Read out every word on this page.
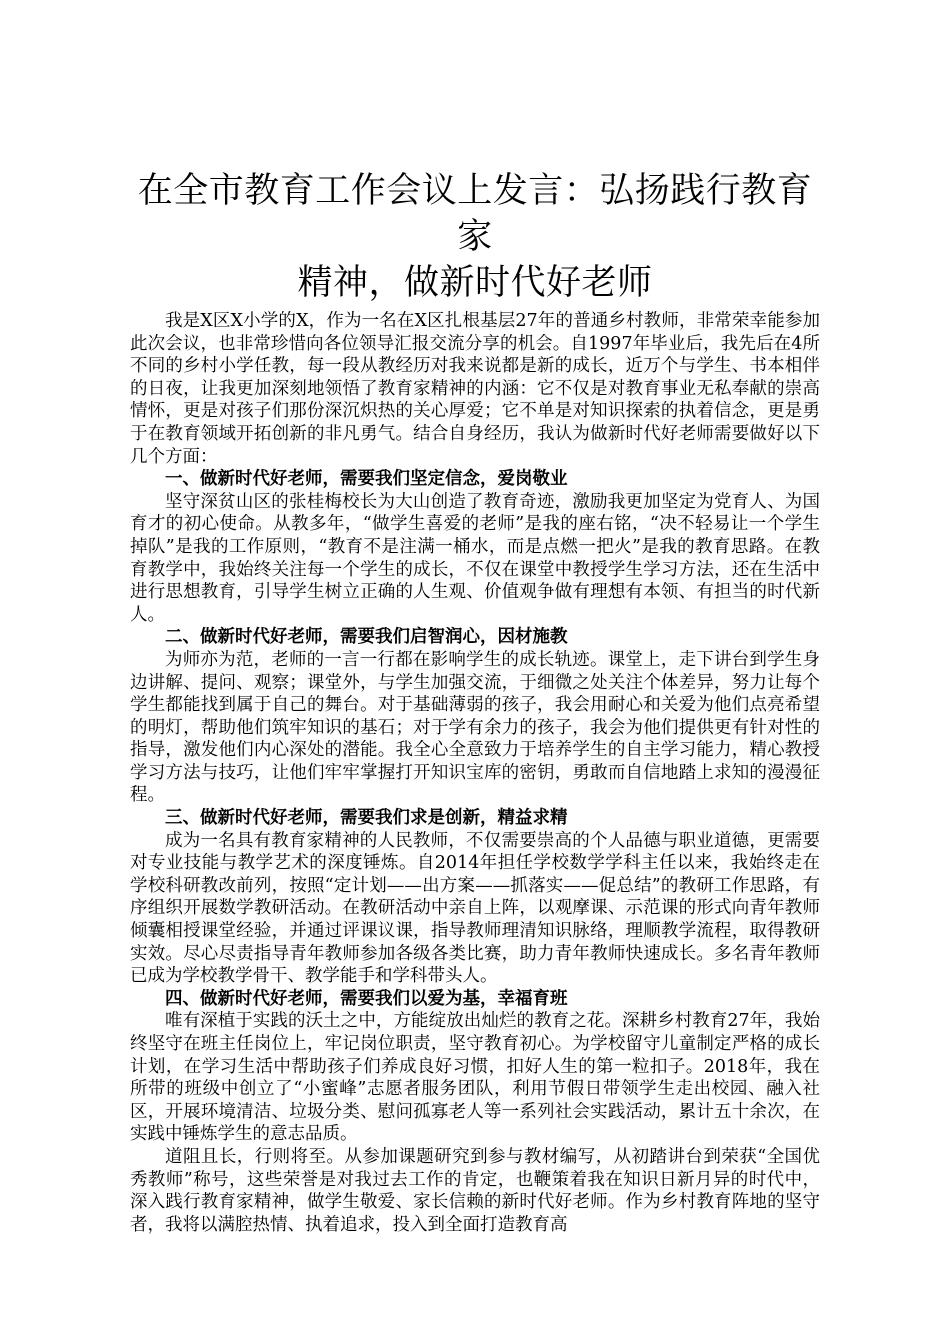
在全市教育工作会议上发言：弘扬践行教育家
精神，做新时代好老师

我是X区X小学的X，作为一名在X区扎根基层27年的普通乡村教师，非常荣幸能参加此次会议，也非常珍惜向各位领导汇报交流分享的机会。自1997年毕业后，我先后在4所不同的乡村小学任教，每一段从教经历对我来说都是新的成长，近万个与学生、书本相伴的日夜，让我更加深刻地领悟了教育家精神的内涵：它不仅是对教育事业无私奉献的崇高情怀，更是对孩子们那份深沉炽热的关心厚爱；它不单是对知识探索的执着信念，更是勇于在教育领域开拓创新的非凡勇气。结合自身经历，我认为做新时代好老师需要做好以下几个方面：

一、做新时代好老师，需要我们坚定信念，爱岗敬业

坚守深贫山区的张桂梅校长为大山创造了教育奇迹，激励我更加坚定为党育人、为国育才的初心使命。从教多年，“做学生喜爱的老师”是我的座右铭，“决不轻易让一个学生掉队”是我的工作原则，“教育不是注满一桶水，而是点燃一把火”是我的教育思路。在教育教学中，我始终关注每一个学生的成长，不仅在课堂中教授学生学习方法，还在生活中进行思想教育，引导学生树立正确的人生观、价值观争做有理想有本领、有担当的时代新人。

二、做新时代好老师，需要我们启智润心，因材施教

为师亦为范，老师的一言一行都在影响学生的成长轨迹。课堂上，走下讲台到学生身边讲解、提问、观察；课堂外，与学生加强交流，于细微之处关注个体差异，努力让每个学生都能找到属于自己的舞台。对于基础薄弱的孩子，我会用耐心和关爱为他们点亮希望的明灯，帮助他们筑牢知识的基石；对于学有余力的孩子，我会为他们提供更有针对性的指导，激发他们内心深处的潜能。我全心全意致力于培养学生的自主学习能力，精心教授学习方法与技巧，让他们牢牢掌握打开知识宝库的密钥，勇敢而自信地踏上求知的漫漫征程。

三、做新时代好老师，需要我们求是创新，精益求精

成为一名具有教育家精神的人民教师，不仅需要崇高的个人品德与职业道德，更需要对专业技能与教学艺术的深度锤炼。自2014年担任学校数学学科主任以来，我始终走在学校科研教改前列，按照“定计划——出方案——抓落实——促总结”的教研工作思路，有序组织开展数学教研活动。在教研活动中亲自上阵，以观摩课、示范课的形式向青年教师倾囊相授课堂经验，并通过评课议课，指导教师理清知识脉络，理顺教学流程，取得教研实效。尽心尽责指导青年教师参加各级各类比赛，助力青年教师快速成长。多名青年教师已成为学校教学骨干、教学能手和学科带头人。

四、做新时代好老师，需要我们以爱为基，幸福育班

唯有深植于实践的沃土之中，方能绽放出灿烂的教育之花。深耕乡村教育27年，我始终坚守在班主任岗位上，牢记岗位职责，坚守教育初心。为学校留守儿童制定严格的成长计划，在学习生活中帮助孩子们养成良好习惯，扣好人生的第一粒扣子。2018年，我在所带的班级中创立了“小蜜峰”志愿者服务团队，利用节假日带领学生走出校园、融入社区，开展环境清洁、垃圾分类、慰问孤寡老人等一系列社会实践活动，累计五十余次，在实践中锤炼学生的意志品质。

道阻且长，行则将至。从参加课题研究到参与教材编写，从初踏讲台到荣获“全国优秀教师”称号，这些荣誉是对我过去工作的肯定，也鞭策着我在知识日新月异的时代中，深入践行教育家精神，做学生敬爱、家长信赖的新时代好老师。作为乡村教育阵地的坚守者，我将以满腔热情、执着追求，投入到全面打造教育高
